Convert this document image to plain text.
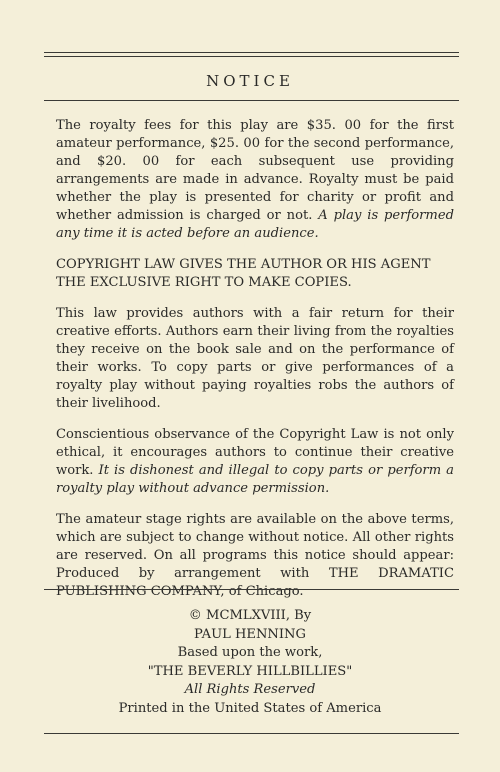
NOTICE

The royalty fees for this play are $35. 00 for the first amateur performance, $25. 00 for the second performance, and $20. 00 for each subsequent use providing arrangements are made in advance. Royalty must be paid whether the play is presented for charity or profit and whether admission is charged or not. A play is performed any time it is acted before an audience.

COPYRIGHT LAW GIVES THE AUTHOR OR HIS AGENT THE EXCLUSIVE RIGHT TO MAKE COPIES.

This law provides authors with a fair return for their creative efforts. Authors earn their living from the royalties they receive on the book sale and on the performance of their works. To copy parts or give performances of a royalty play without paying royalties robs the authors of their livelihood.

Conscientious observance of the Copyright Law is not only ethical, it encourages authors to continue their creative work. It is dishonest and illegal to copy parts or perform a royalty play without advance permission.

The amateur stage rights are available on the above terms, which are subject to change without notice. All other rights are reserved. On all programs this notice should appear: Produced by arrangement with THE DRAMATIC PUBLISHING COMPANY, of Chicago.

© MCMLXVIII, By
PAUL HENNING
Based upon the work,
"THE BEVERLY HILLBILLIES"
All Rights Reserved
Printed in the United States of America
